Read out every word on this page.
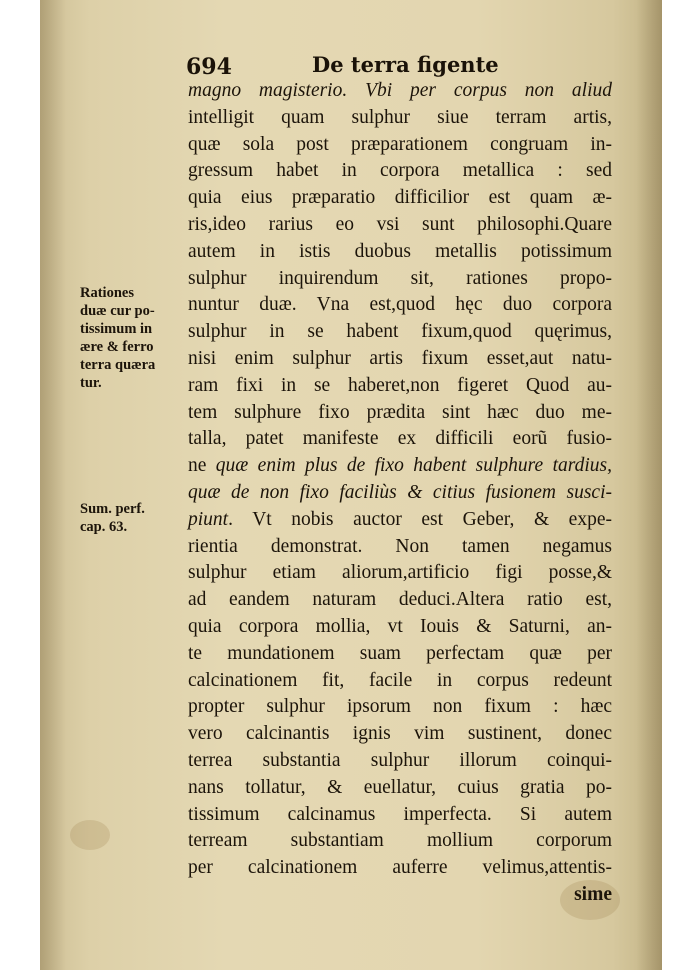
694	De terra figente
magno magisterio. Vbi per corpus non aliud
intelligit quam sulphur siue terram artis,
quæ sola post præparationem congruam in-
gressum habet in corpora metallica : sed
quia eius præparatio difficilior est quam æ-
ris,ideo rarius eo vsi sunt philosophi.Quare
autem in istis duobus metallis potissimum
sulphur inquirendum sit, rationes propo-
nuntur duæ. Vna est,quod hęc duo corpora
sulphur in se habent fixum,quod quęrimus,
nisi enim sulphur artis fixum esset,aut natu-
ram fixi in se haberet,non figeret Quod au-
tem sulphure fixo prædita sint hæc duo me-
talla, patet manifeste ex difficili eorũ fusio-
ne quæ enim plus de fixo habent sulphure tardius,
quæ de non fixo faciliùs & citius fusionem susci-
piunt. Vt nobis auctor est Geber, & expe-
rientia demonstrat. Non tamen negamus
sulphur etiam aliorum,artificio figi posse,&
ad eandem naturam deduci.Altera ratio est,
quia corpora mollia, vt Iouis & Saturni, an-
te mundationem suam perfectam quæ per
calcinationem fit, facile in corpus redeunt
propter sulphur ipsorum non fixum : hæc
vero calcinantis ignis vim sustinent, donec
terrea substantia sulphur illorum coinqui-
nans tollatur, & euellatur, cuius gratia po-
tissimum calcinamus imperfecta. Si autem
terream substantiam mollium corporum
per calcinationem auferre velimus,attentis-
sime
Rationes
duæ cur po-
tissimum in
ære & ferro
terra quæra
tur.
Sum. perf.
cap. 63.
